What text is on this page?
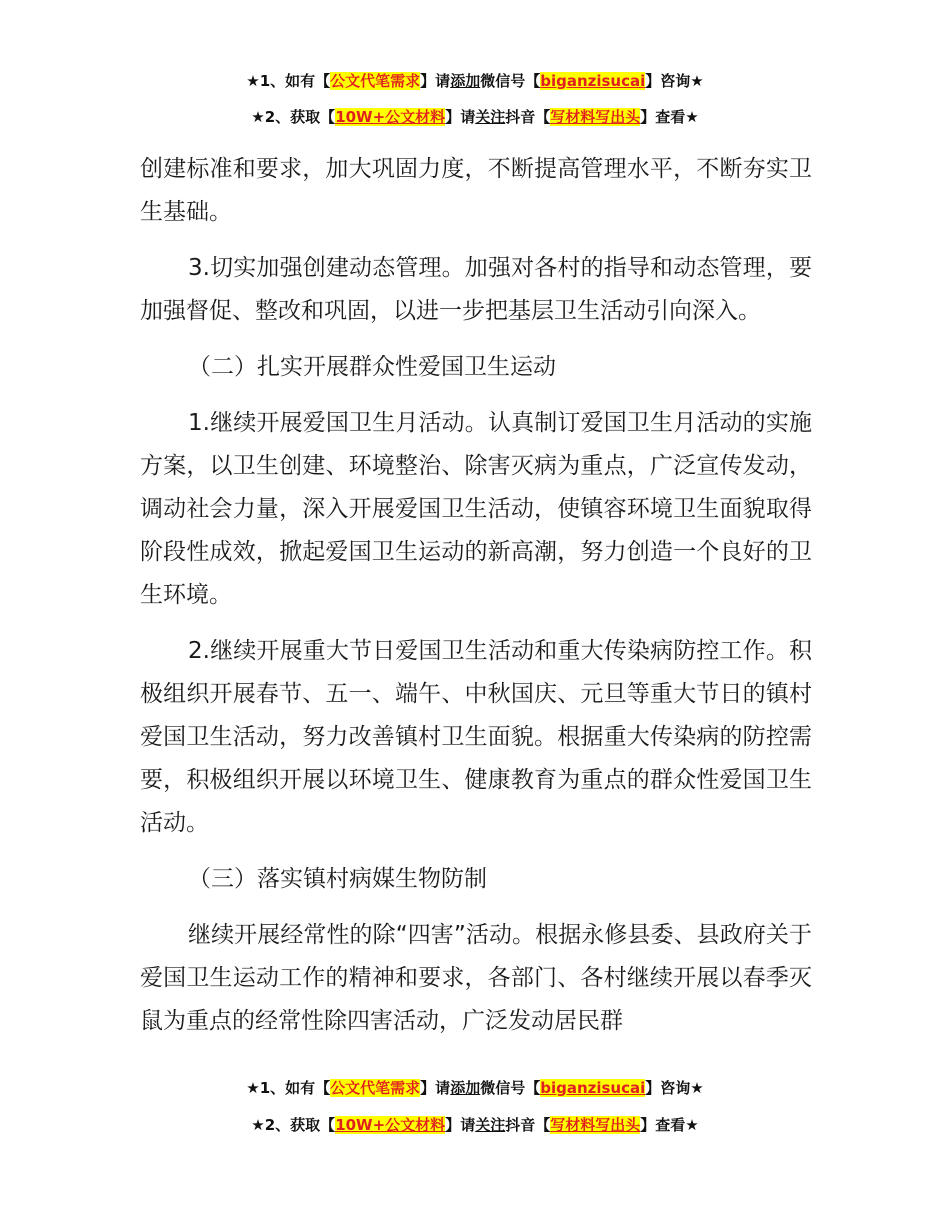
★1、如有【公文代笔需求】请添加微信号【biganzisucai】咨询★
★2、获取【10W+公文材料】请关注抖音【写材料写出头】查看★

创建标准和要求，加大巩固力度，不断提高管理水平，不断夯实卫生基础。

3.切实加强创建动态管理。加强对各村的指导和动态管理，要加强督促、整改和巩固，以进一步把基层卫生活动引向深入。

（二）扎实开展群众性爱国卫生运动

1.继续开展爱国卫生月活动。认真制订爱国卫生月活动的实施方案，以卫生创建、环境整治、除害灭病为重点，广泛宣传发动，调动社会力量，深入开展爱国卫生活动，使镇容环境卫生面貌取得阶段性成效，掀起爱国卫生运动的新高潮，努力创造一个良好的卫生环境。

2.继续开展重大节日爱国卫生活动和重大传染病防控工作。积极组织开展春节、五一、端午、中秋国庆、元旦等重大节日的镇村爱国卫生活动，努力改善镇村卫生面貌。根据重大传染病的防控需要，积极组织开展以环境卫生、健康教育为重点的群众性爱国卫生活动。

（三）落实镇村病媒生物防制

继续开展经常性的除“四害”活动。根据永修县委、县政府关于爱国卫生运动工作的精神和要求，各部门、各村继续开展以春季灭鼠为重点的经常性除四害活动，广泛发动居民群

★1、如有【公文代笔需求】请添加微信号【biganzisucai】咨询★
★2、获取【10W+公文材料】请关注抖音【写材料写出头】查看★
